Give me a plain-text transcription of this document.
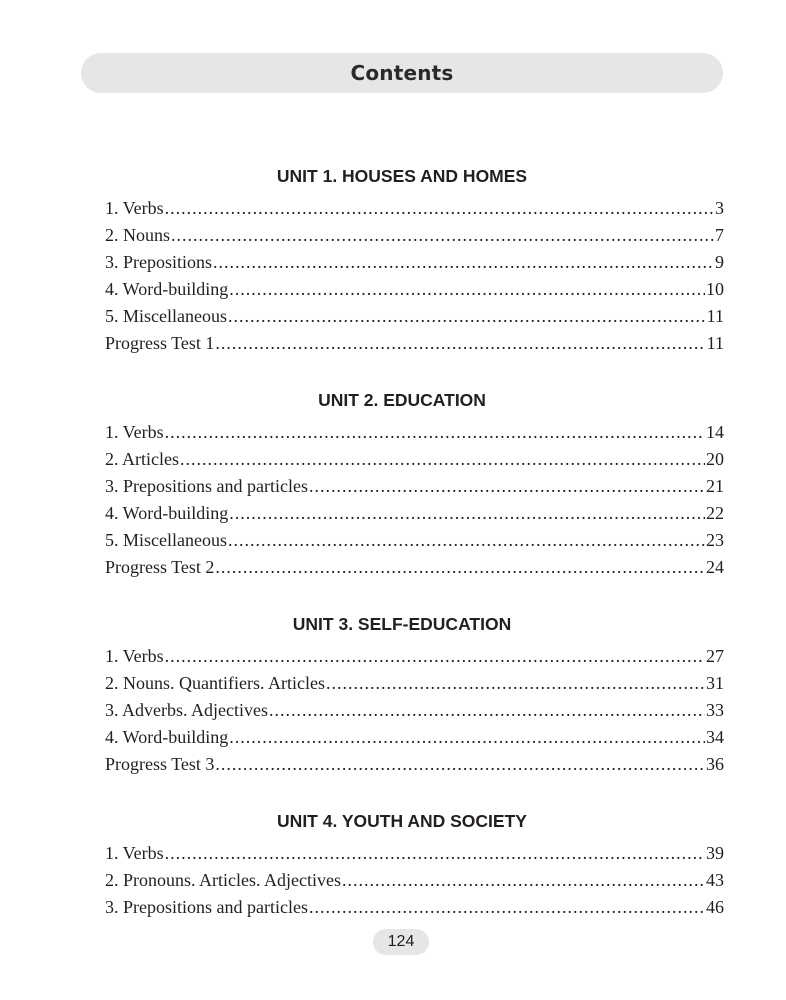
Contents
UNIT 1. HOUSES AND HOMES
1. Verbs .....	3
2. Nouns .....	7
3. Prepositions .....	9
4. Word-building .....	10
5. Miscellaneous .....	11
Progress Test 1 .....	11
UNIT 2. EDUCATION
1. Verbs .....	14
2. Articles .....	20
3. Prepositions and particles .....	21
4. Word-building .....	22
5. Miscellaneous .....	23
Progress Test 2 .....	24
UNIT 3. SELF-EDUCATION
1. Verbs .....	27
2. Nouns. Quantifiers. Articles .....	31
3. Adverbs. Adjectives .....	33
4. Word-building .....	34
Progress Test 3 .....	36
UNIT 4. YOUTH AND SOCIETY
1. Verbs .....	39
2. Pronouns. Articles. Adjectives .....	43
3. Prepositions and particles .....	46
124
